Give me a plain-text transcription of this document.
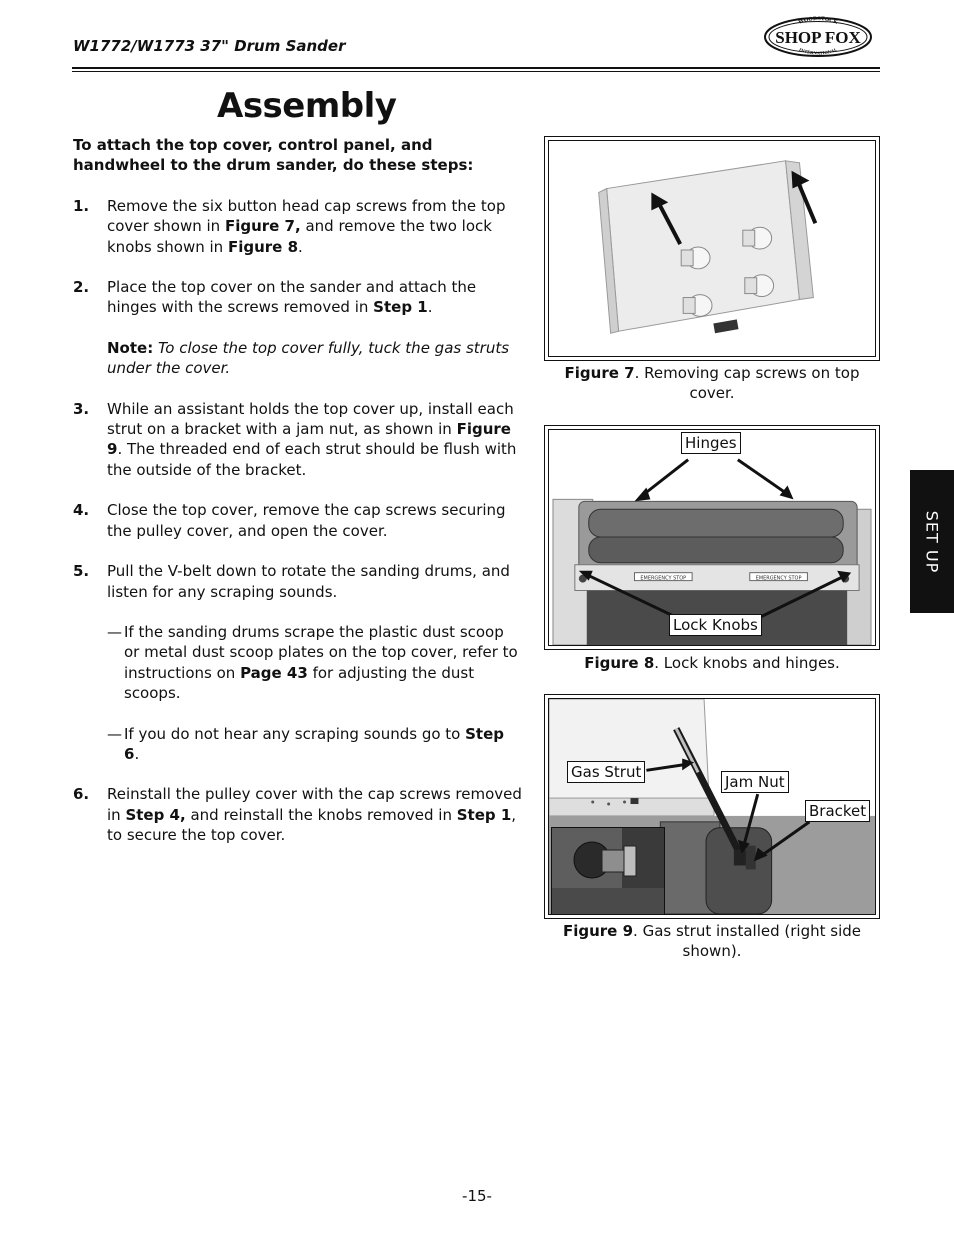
W1772/W1773 37" Drum Sander
WOODSTOCK
INTERNATIONAL
SHOP FOX
Assembly

To attach the top cover, control panel, and handwheel to the drum sander, do these steps:

1. Remove the six button head cap screws from the top cover shown in Figure 7, and remove the two lock knobs shown in Figure 8.
2. Place the top cover on the sander and attach the hinges with the screws removed in Step 1.
Note: To close the top cover fully, tuck the gas struts under the cover.
3. While an assistant holds the top cover up, install each strut on a bracket with a jam nut, as shown in Figure 9. The threaded end of each strut should be flush with the outside of the bracket.
4. Close the top cover, remove the cap screws securing the pulley cover, and open the cover.
5. Pull the V-belt down to rotate the sanding drums, and listen for any scraping sounds.
— If the sanding drums scrape the plastic dust scoop or metal dust scoop plates on the top cover, refer to instructions on Page 43 for adjusting the dust scoops.
— If you do not hear any scraping sounds go to Step 6.
6. Reinstall the pulley cover with the cap screws removed in Step 4, and reinstall the knobs removed in Step 1, to secure the top cover.
Figure 7. Removing cap screws on top cover.
EMERGENCY STOP	EMERGENCY STOP
Hinges
Lock Knobs
Figure 8. Lock knobs and hinges.
Gas Strut
Jam Nut
Bracket
Figure 9. Gas strut installed (right side shown).
SET UP
-15-
